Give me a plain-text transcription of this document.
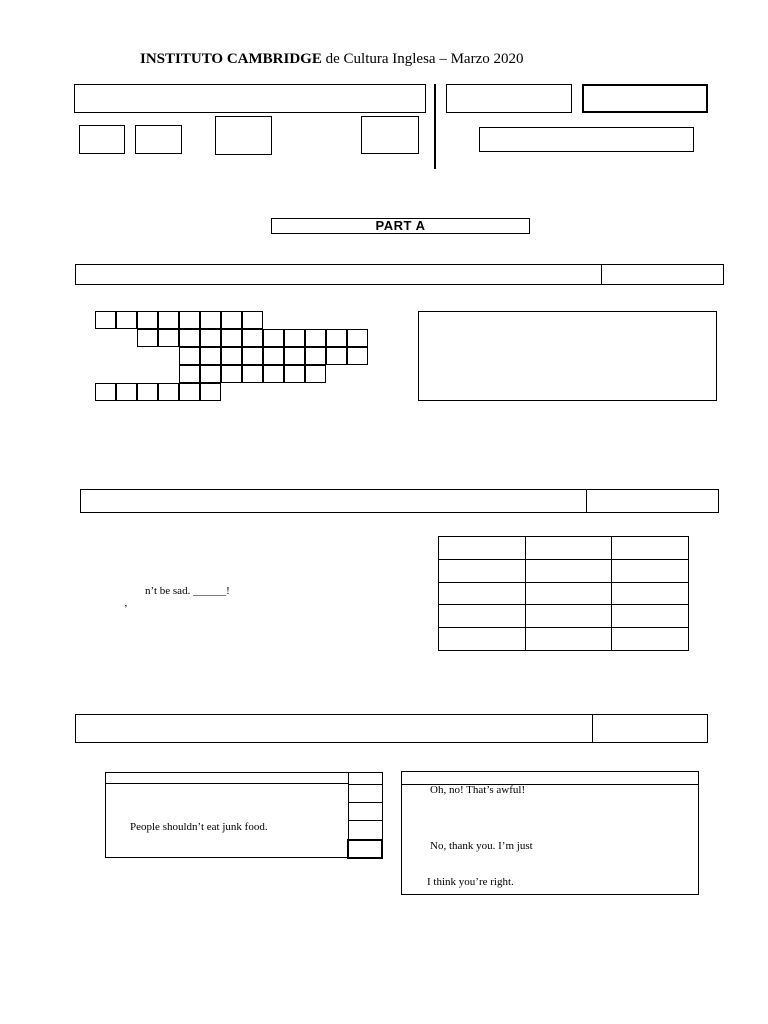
INSTITUTO CAMBRIDGE de Cultura Inglesa – Marzo 2020
PART A
n’t be sad. ______!
’

People shouldn’t eat junk food.
Oh, no! That’s awful!
No, thank you. I’m just
I think you’re right.
